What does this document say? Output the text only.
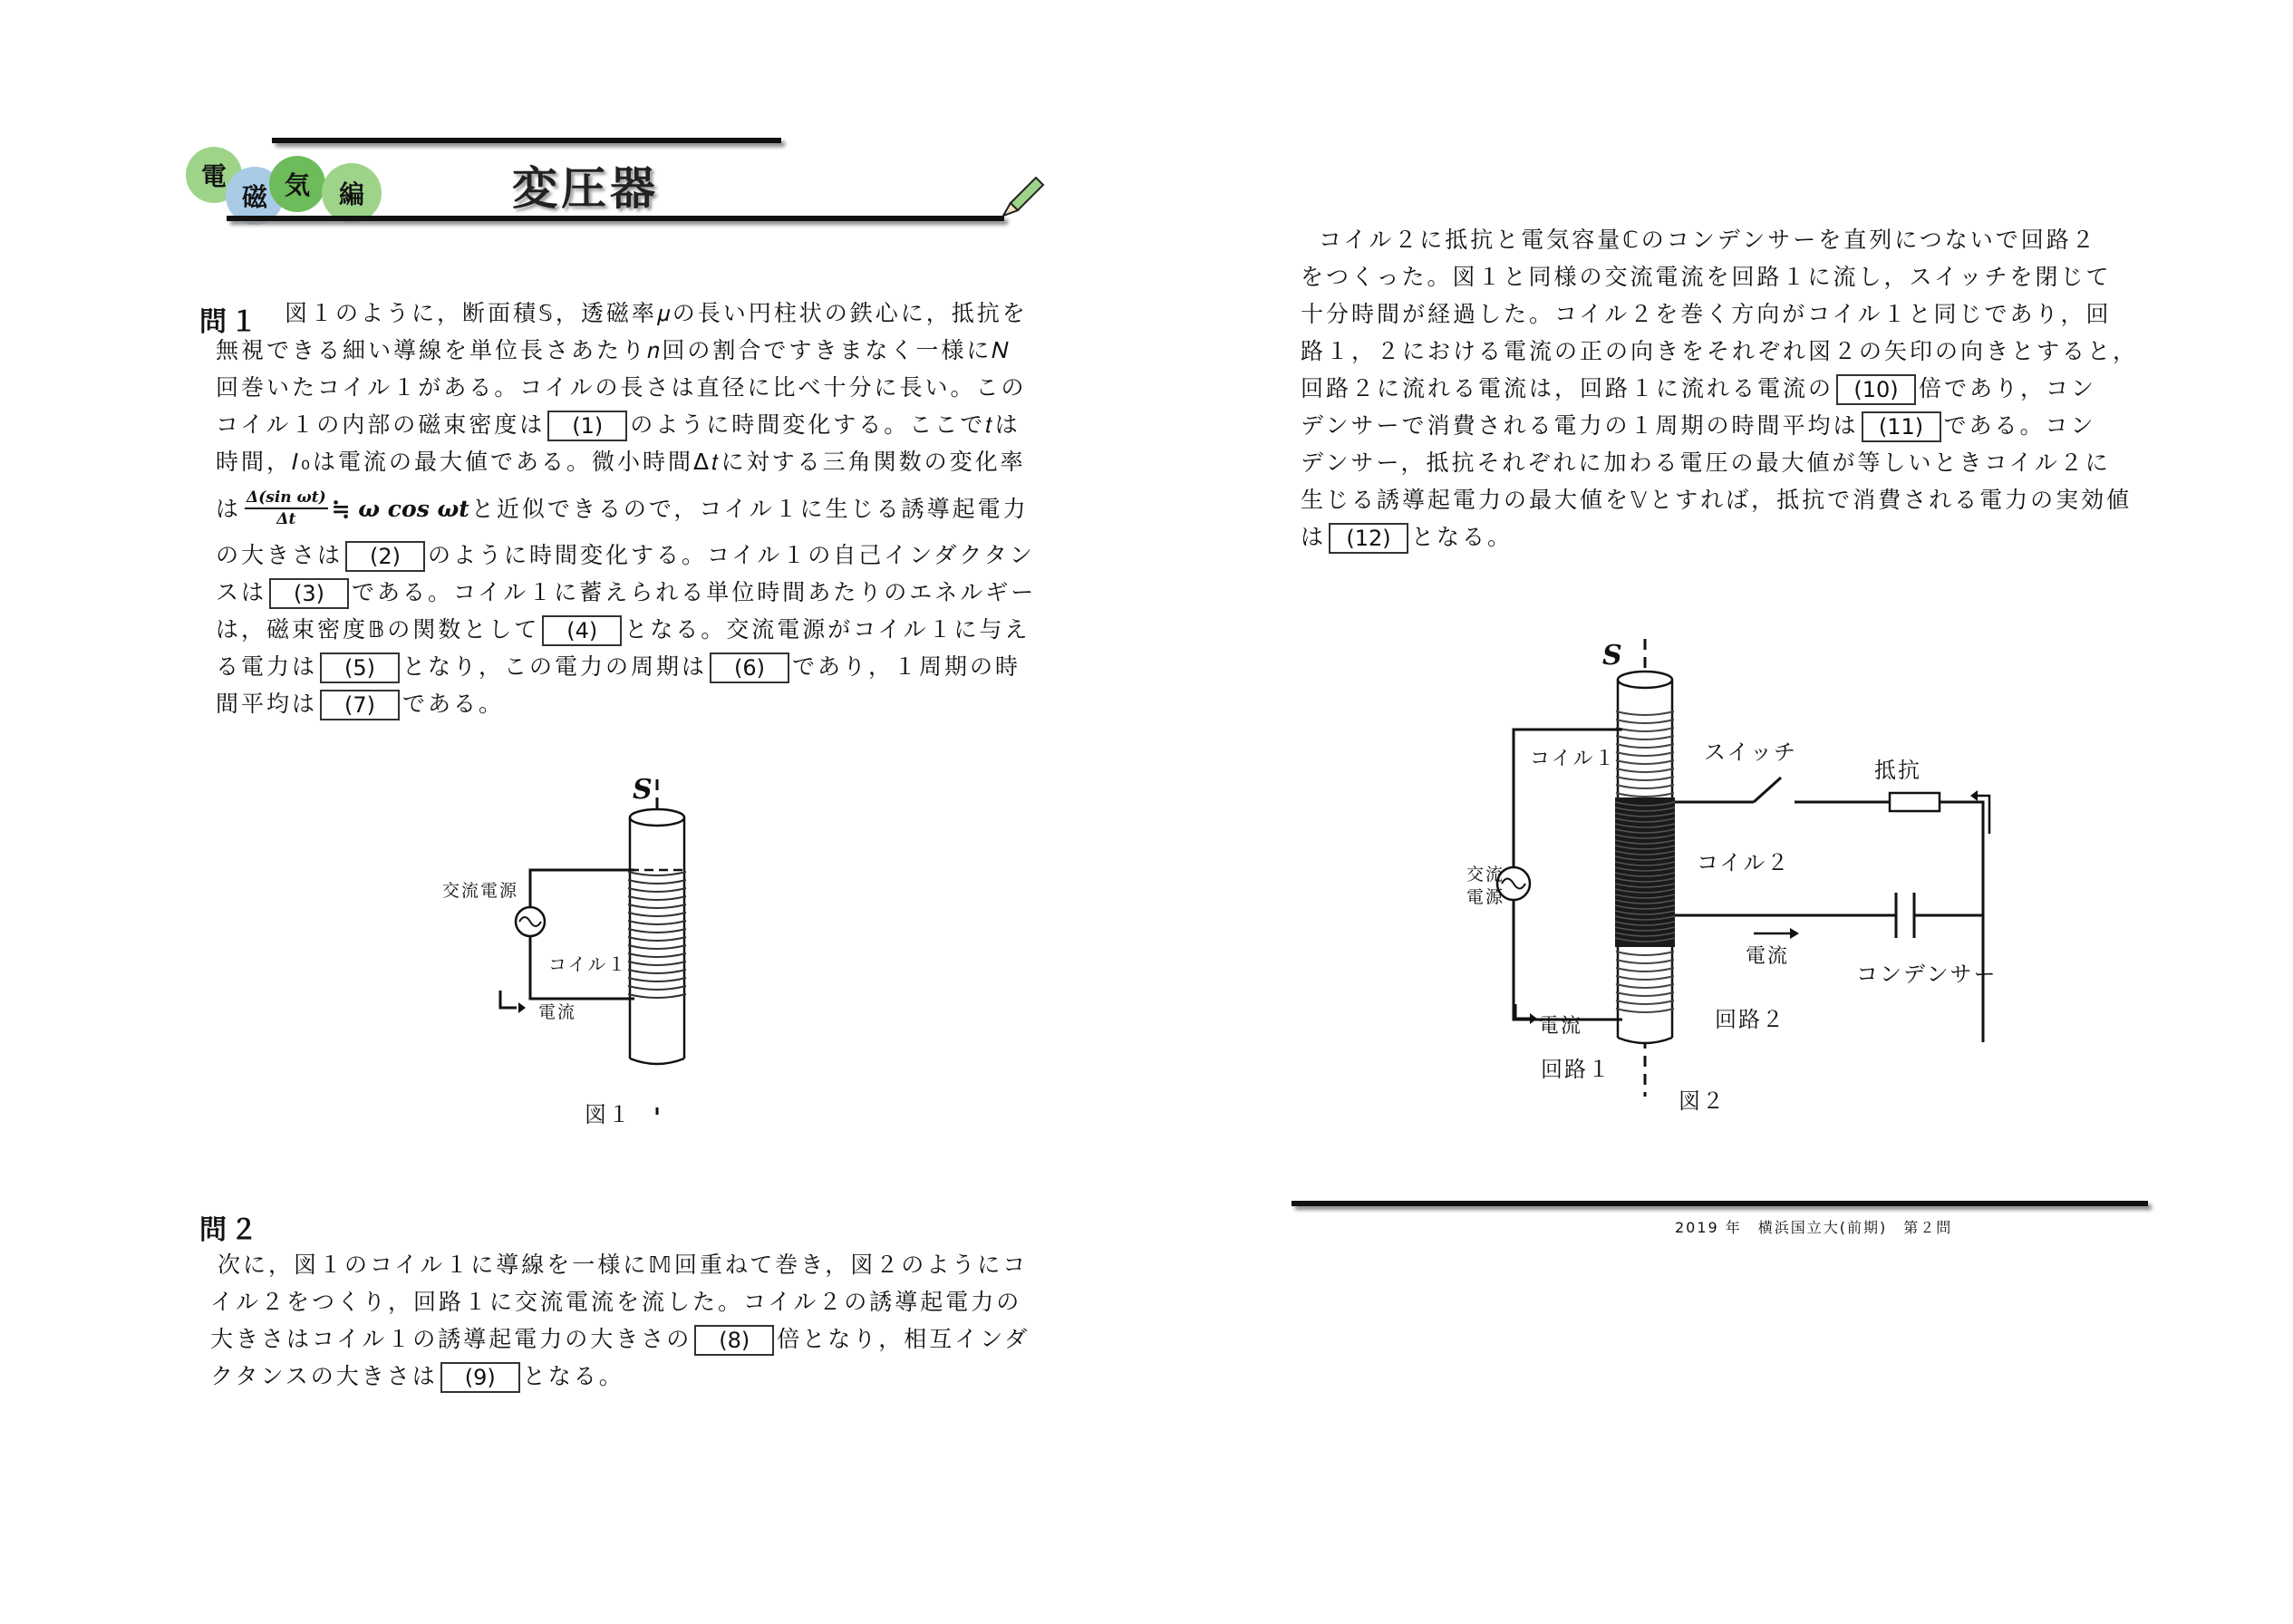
電
磁 気 編	変圧器
問１	図１のように，断面積𝕊，透磁率𝜇の長い円柱状の鉄心に，抵抗を
無視できる細い導線を単位長さあたり𝑛回の割合ですきまなく一様に𝑁
回巻いたコイル１がある。コイルの長さは直径に比べ十分に長い。この
コイル１の内部の磁束密度は (1) のように時間変化する。ここで𝑡は
時間，𝐼₀は電流の最大値である。微小時間Δ𝑡に対する三角関数の変化率
は $\frac{\text{Δ(sin ωt)}}{\Delta t}$ ≒ ω cos ωt と近似できるので，コイル１に生じる誘導起電力
の大きさは (2) のように時間変化する。コイル１の自己インダクタン
スは (3) である。コイル１に蓄えられる単位時間あたりのエネルギー
は，磁束密度𝔹の関数として (4) となる。交流電源がコイル１に与え
る電力は (5) となり，この電力の周期は (6) であり，１周期の時
間平均は (7) である。
S
交流電源
コイル１
電流
図１
問２
次に，図１のコイル１に導線を一様に𝕄回重ねて巻き，図２のようにコ
イル２をつくり，回路１に交流電流を流した。コイル２の誘導起電力の
大きさはコイル１の誘導起電力の大きさの (8) 倍となり，相互インダ
クタンスの大きさは (9) となる。
コイル２に抵抗と電気容量ℂのコンデンサーを直列につないで回路２
をつくった。図１と同様の交流電流を回路１に流し，スイッチを閉じて
十分時間が経過した。コイル２を巻く方向がコイル１と同じであり，回
路１，２における電流の正の向きをそれぞれ図２の矢印の向きとすると，
回路２に流れる電流は，回路１に流れる電流の (10) 倍であり，コン
デンサーで消費される電力の１周期の時間平均は (11) である。コン
デンサー，抵抗それぞれに加わる電圧の最大値が等しいときコイル２に
生じる誘導起電力の最大値を𝕍とすれば，抵抗で消費される電力の実効値
は (12) となる。
S
コイル１	スイッチ
抵抗
コイル２
交流
電源
電流
コンデンサー
電流	回路２
回路１
図２
2019 年　横浜国立大(前期)　第２問
